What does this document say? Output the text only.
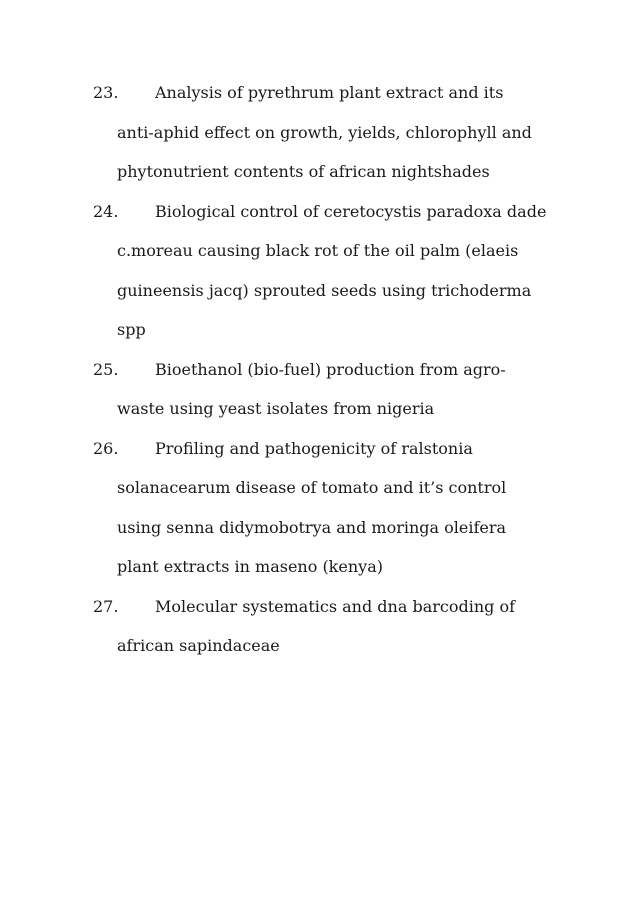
23. Analysis of pyrethrum plant extract and its
anti-aphid effect on growth, yields, chlorophyll and
phytonutrient contents of african nightshades
24. Biological control of ceretocystis paradoxa dade
c.moreau causing black rot of the oil palm (elaeis
guineensis jacq) sprouted seeds using trichoderma
spp
25. Bioethanol (bio-fuel) production from agro-
waste using yeast isolates from nigeria
26. Profiling and pathogenicity of ralstonia
solanacearum disease of tomato and it’s control
using senna didymobotrya and moringa oleifera
plant extracts in maseno (kenya)
27. Molecular systematics and dna barcoding of
african sapindaceae
